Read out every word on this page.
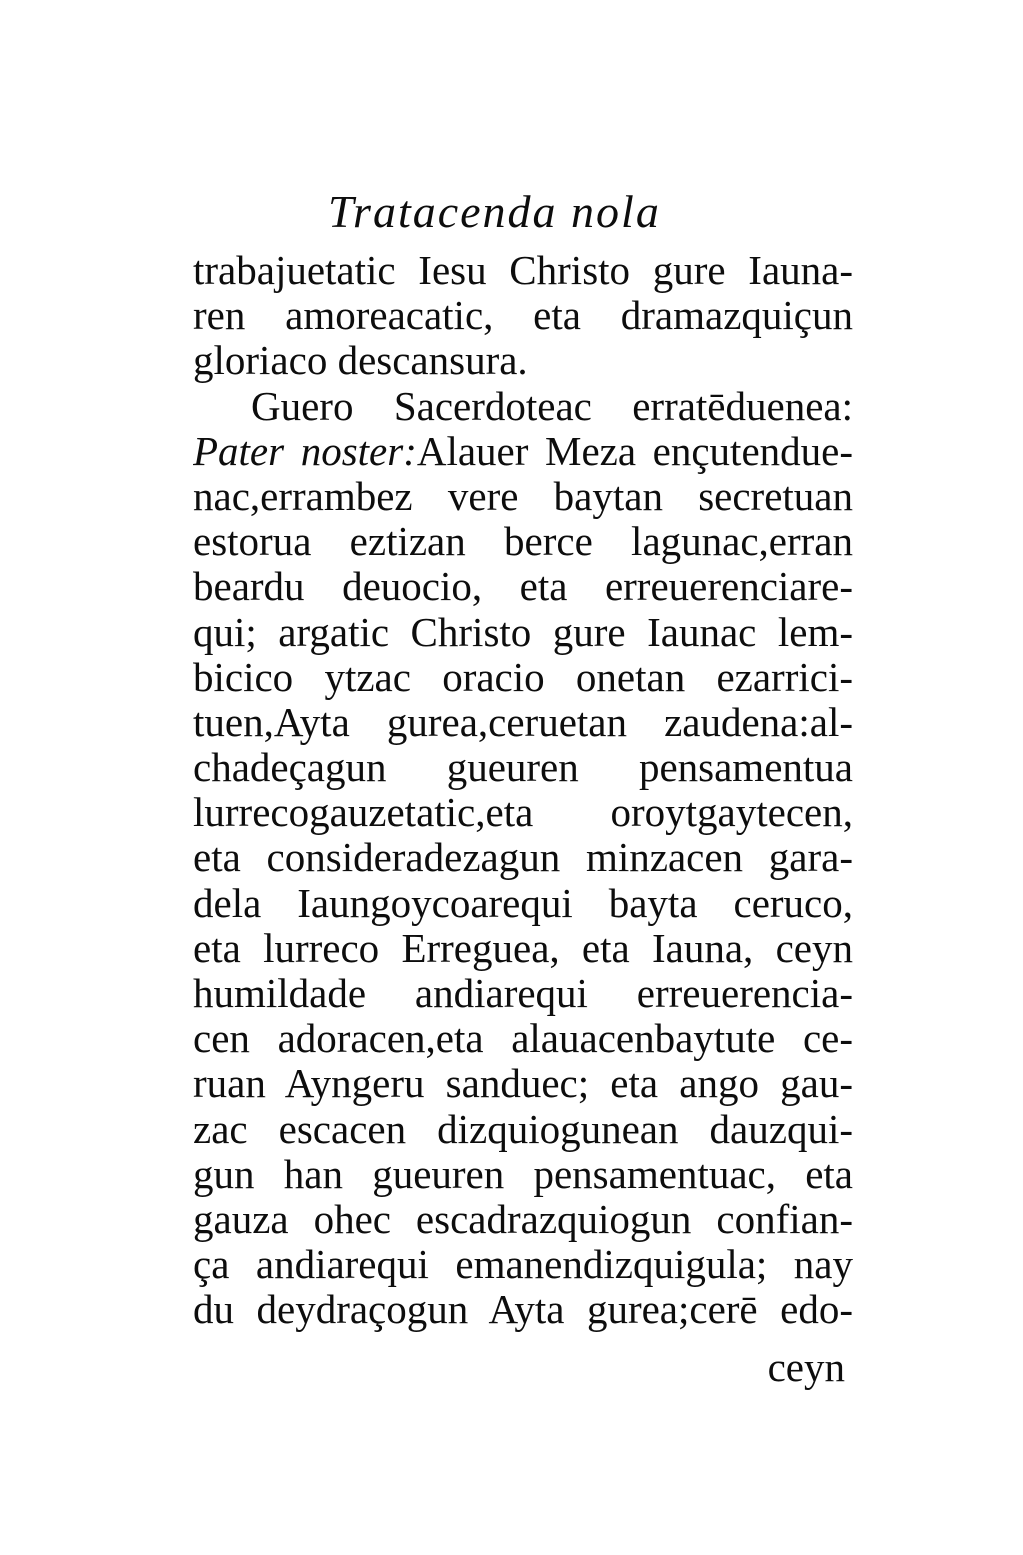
Tratacenda nola
trabajuetatic Iesu Christo gure Iauna-
ren amoreacatic, eta dramazquiçun
gloriaco descansura.
Guero Sacerdoteac erratēduenea:
Pater noster:Alauer Meza ençutendue-
nac,errambez vere baytan secretuan
estorua eztizan berce lagunac,erran
beardu deuocio, eta erreuerenciare-
qui; argatic Christo gure Iaunac lem-
bicico ytzac oracio onetan ezarrici-
tuen,Ayta gurea,ceruetan zaudena:al-
chadeçagun gueuren pensamentua
lurrecogauzetatic,eta oroytgaytecen,
eta consideradezagun minzacen gara-
dela Iaungoycoarequi bayta ceruco,
eta lurreco Erreguea, eta Iauna, ceyn
humildade andiarequi erreuerencia-
cen adoracen,eta alauacenbaytute ce-
ruan Ayngeru sanduec; eta ango gau-
zac escacen dizquiogunean dauzqui-
gun han gueuren pensamentuac, eta
gauza ohec escadrazquiogun confian-
ça andiarequi emanendizquigula; nay
du deydraçogun Ayta gurea;cerē edo-
ceyn
